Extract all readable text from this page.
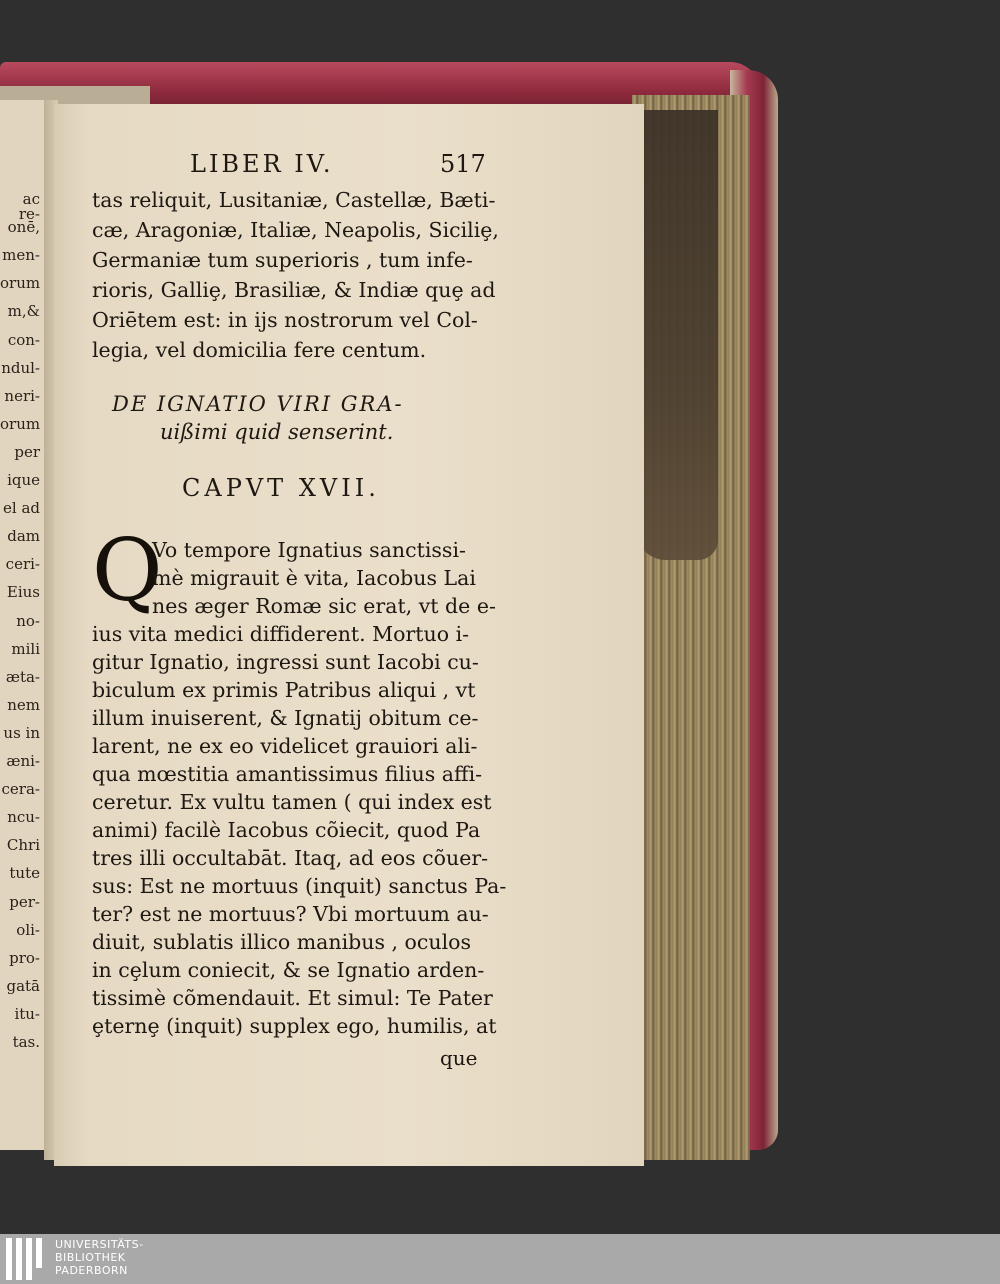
ac re-
onē,
men-
orum
m,&
con-
ndul-
neri-
orum
per
ique
el ad
dam
ceri-
Eius
no-
mili
æta-
nem
us in
æni-
cera-
ncu-
Chri
tute
per-
oli-
pro-
gatā
itu-
tas.
LIBER IV.	517
tas reliquit, Lusitaniæ, Castellæ, Bæti-
cæ, Aragoniæ, Italiæ, Neapolis, Siciliȩ,
Germaniæ tum superioris , tum infe-
rioris, Galliȩ, Brasiliæ, & Indiæ quȩ ad
Oriētem est: in ijs nostrorum vel Col-
legia, vel domicilia fere centum.
DE IGNATIO VIRI GRA-
uißimi quid senserint.
CAPVT XVII.
Q
Vo tempore Ignatius sanctissi-
mè migrauit è vita, Iacobus Lai
nes æger Romæ sic erat, vt de e-
ius vita medici diffiderent. Mortuo i-
gitur Ignatio, ingressi sunt Iacobi cu-
biculum ex primis Patribus aliqui , vt
illum inuiserent, & Ignatij obitum ce-
larent, ne ex eo videlicet grauiori ali-
qua mœstitia amantissimus filius affi-
ceretur. Ex vultu tamen ( qui index est
animi) facilè Iacobus cõiecit, quod Pa
tres illi occultabāt. Itaq, ad eos cõuer-
sus: Est ne mortuus (inquit) sanctus Pa-
ter? est ne mortuus? Vbi mortuum au-
diuit, sublatis illico manibus , oculos
in cȩlum coniecit, & se Ignatio arden-
tissimè cõmendauit. Et simul: Te Pater
ȩternȩ (inquit) supplex ego, humilis, at
que
UNIVERSITÄTS-
BIBLIOTHEK
PADERBORN
